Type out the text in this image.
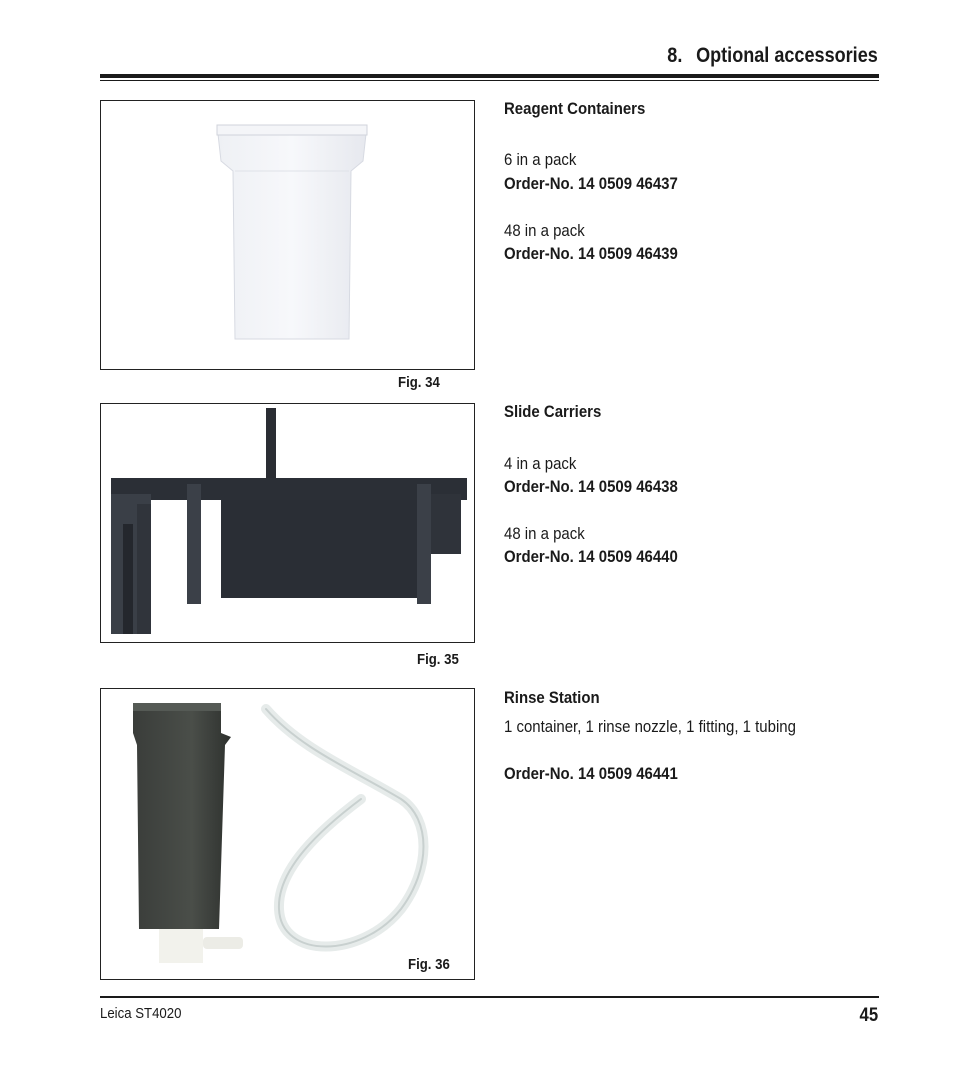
8. Optional accessories
Fig. 34
Fig. 35
Fig. 36
Reagent Containers
6 in a pack
Order-No. 14 0509 46437
48 in a pack
Order-No. 14 0509 46439
Slide Carriers
4 in a pack
Order-No. 14 0509 46438
48 in a pack
Order-No. 14 0509 46440
Rinse Station
1 container, 1 rinse nozzle, 1 fitting, 1 tubing
Order-No. 14 0509 46441
Leica ST4020	45
